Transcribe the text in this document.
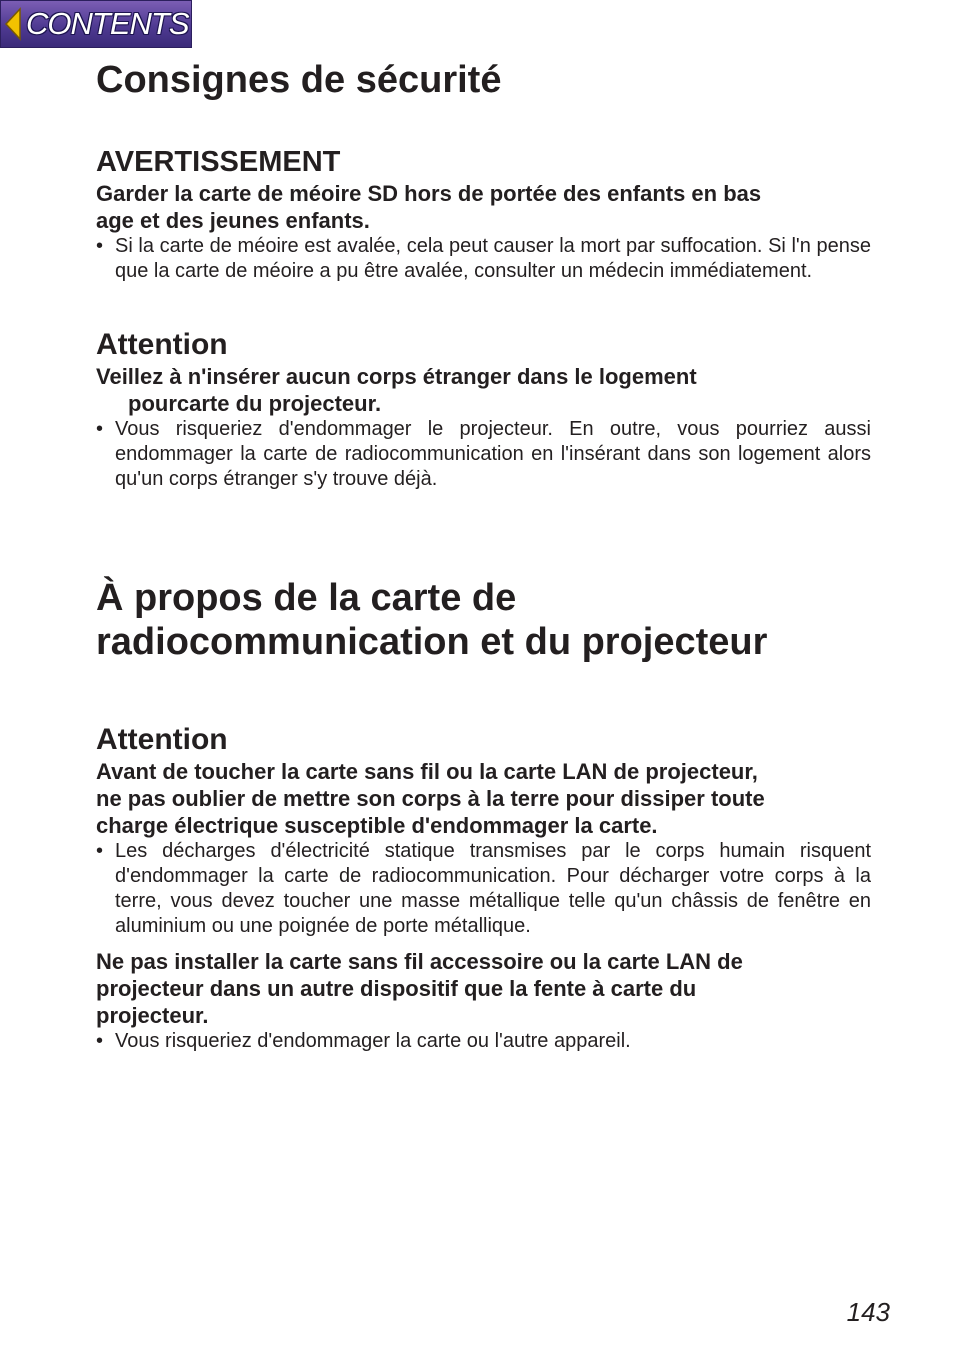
CONTENTS
Consignes de sécurité
AVERTISSEMENT

Garder la carte de méoire SD hors de portée des enfants en bas

age et des jeunes enfants.

• Si la carte de méoire est avalée, cela peut causer la mort par suffocation. Si l'n pense que la carte de méoire a pu être avalée, consulter un médecin immédiatement.

Attention

Veillez à n'insérer aucun corps étranger dans le logement

pourcarte du projecteur.

• Vous risqueriez d'endommager le projecteur. En outre, vous pourriez aussi endommager la carte de radiocommunication en l'insérant dans son logement alors qu'un corps étranger s'y trouve déjà.

À propos de la carte de
radiocommunication et du projecteur
Attention

Avant de toucher la carte sans fil ou la carte LAN de projecteur,

ne pas oublier de mettre son corps à la terre pour dissiper toute

charge électrique susceptible d'endommager la carte.

• Les décharges d'électricité statique transmises par le corps humain risquent d'endommager la carte de radiocommunication. Pour décharger votre corps à la terre, vous devez toucher une masse métallique telle qu'un châssis de fenêtre en aluminium ou une poignée de porte métallique.

Ne pas installer la carte sans fil accessoire ou la carte LAN de

projecteur dans un autre dispositif que la fente à carte du

projecteur.

• Vous risqueriez d'endommager la carte ou l'autre appareil.

143
